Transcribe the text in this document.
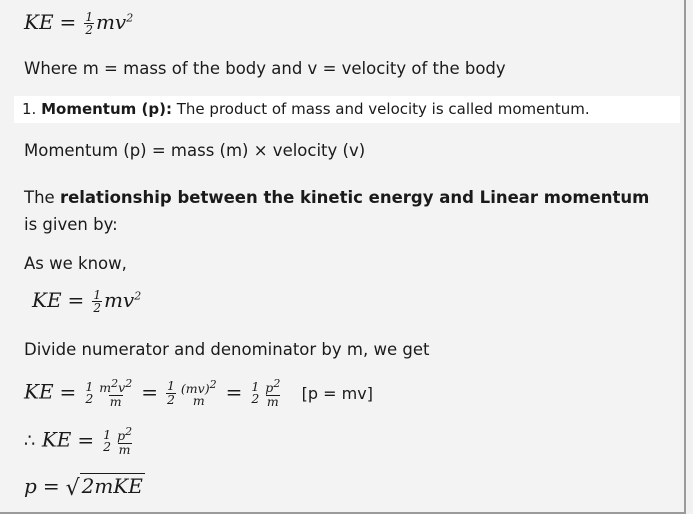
KE = $\frac{1}{2} mv^2$
Where m = mass of the body and v = velocity of the body
1. Momentum (p): The product of mass and velocity is called momentum.
Momentum (p) = mass (m) × velocity (v)
The relationship between the kinetic energy and Linear momentum
is given by:
As we know,
KE = $\frac{1}{2} mv^2$
Divide numerator and denominator by m, we get
KE = 1
$2 \frac{m^2v^2}{m} = \frac{1}{2} (mv)^2$
m = 1
$2 \frac{p^2}{m} [p = mv]$
∴ KE = 1
$2 \frac{p^2}{m}$
p = √ 2mKE
